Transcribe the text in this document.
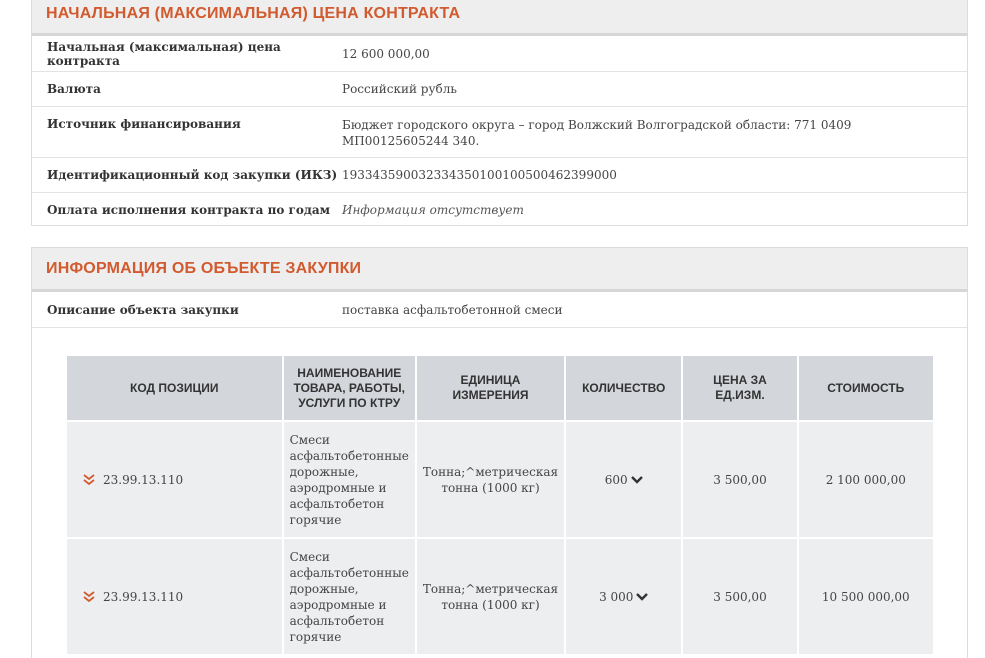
НАЧАЛЬНАЯ (МАКСИМАЛЬНАЯ) ЦЕНА КОНТРАКТА
Начальная (максимальная) цена контракта	12 600 000,00
Валюта	Российский рубль
Источник финансирования	Бюджет городского округа – город Волжский Волгоградской области: 771 0409 МП00125605244 340.
Идентификационный код закупки (ИКЗ) 193343590032334350100100500462399000
Оплата исполнения контракта по годам Информация отсутствует
ИНФОРМАЦИЯ ОБ ОБЪЕКТЕ ЗАКУПКИ
Описание объекта закупки	поставка асфальтобетонной смеси
КОД ПОЗИЦИИ	НАИМЕНОВАНИЕ ТОВАРА, РАБОТЫ, УСЛУГИ ПО КТРУ	ЕДИНИЦА ИЗМЕРЕНИЯ	КОЛИЧЕСТВО	ЦЕНА ЗА ЕД.ИЗМ.	СТОИМОСТЬ
23.99.13.110	Смеси асфальтобетонные дорожные, аэродромные и асфальтобетон горячие	Тонна;^метрическая тонна (1000 кг)	600	3 500,00	2 100 000,00
23.99.13.110	Смеси асфальтобетонные дорожные, аэродромные и асфальтобетон горячие	Тонна;^метрическая тонна (1000 кг)	3 000	3 500,00	10 500 000,00
